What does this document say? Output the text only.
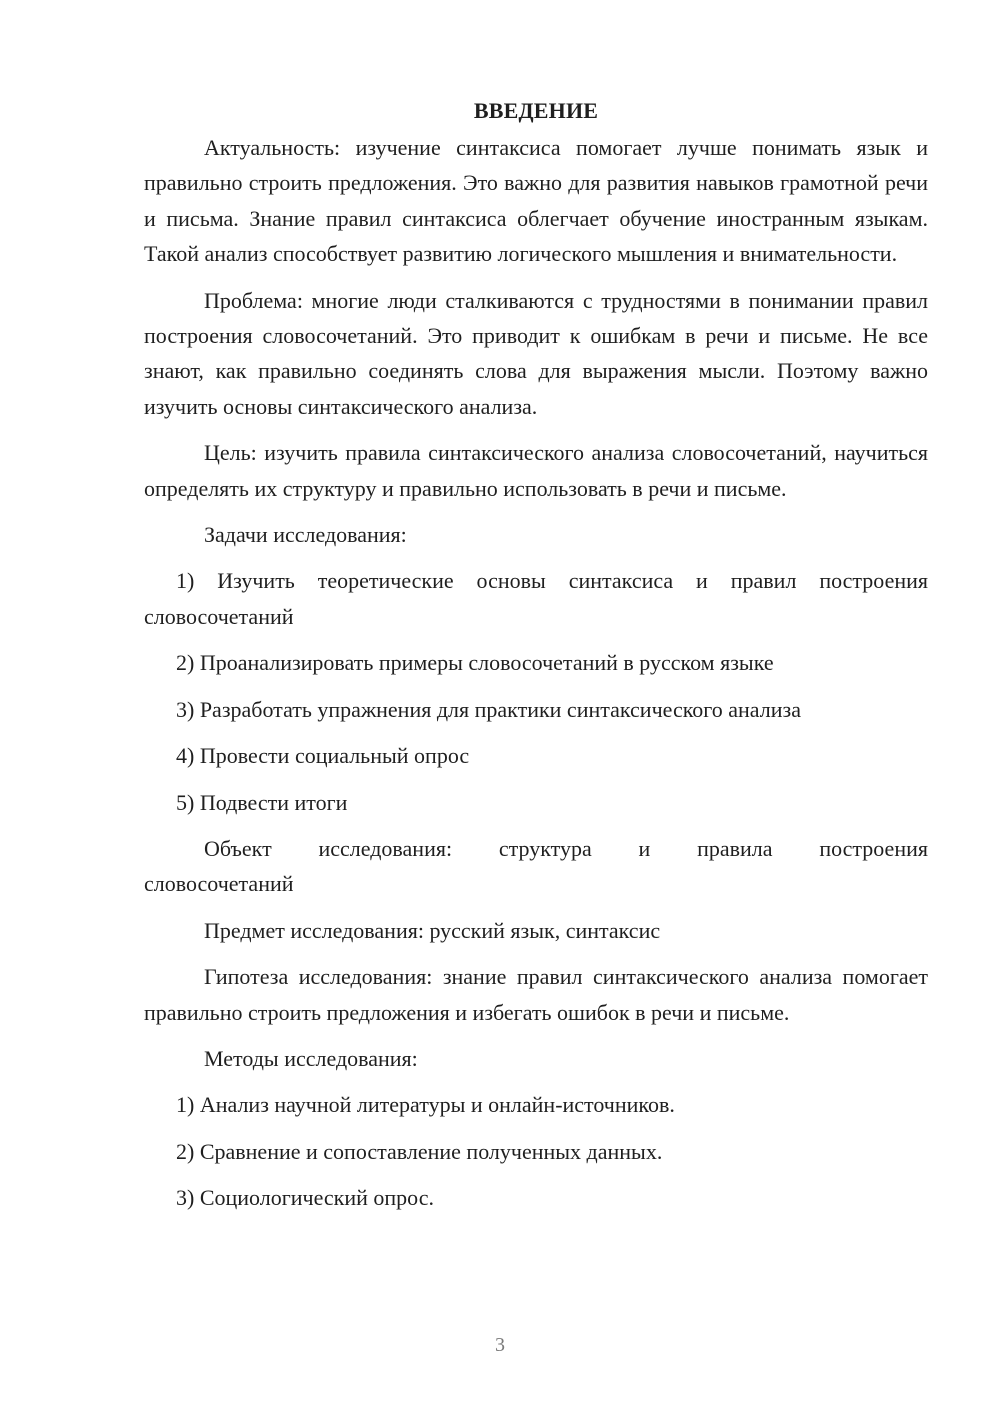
ВВЕДЕНИЕ

Актуальность: изучение синтаксиса помогает лучше понимать язык и правильно строить предложения. Это важно для развития навыков грамотной речи и письма. Знание правил синтаксиса облегчает обучение иностранным языкам. Такой анализ способствует развитию логического мышления и внимательности.

Проблема: многие люди сталкиваются с трудностями в понимании правил построения словосочетаний. Это приводит к ошибкам в речи и письме. Не все знают, как правильно соединять слова для выражения мысли. Поэтому важно изучить основы синтаксического анализа.

Цель: изучить правила синтаксического анализа словосочетаний, научиться определять их структуру и правильно использовать в речи и письме.

Задачи исследования:

1) Изучить теоретические основы синтаксиса и правил построения словосочетаний

2) Проанализировать примеры словосочетаний в русском языке

3) Разработать упражнения для практики синтаксического анализа

4) Провести социальный опрос

5) Подвести итоги

Объект исследования: структура и правила построения
словосочетаний

Предмет исследования: русский язык, синтаксис

Гипотеза исследования: знание правил синтаксического анализа помогает правильно строить предложения и избегать ошибок в речи и письме.

Методы исследования:

1) Анализ научной литературы и онлайн-источников.

2) Сравнение и сопоставление полученных данных.

3) Социологический опрос.

3
